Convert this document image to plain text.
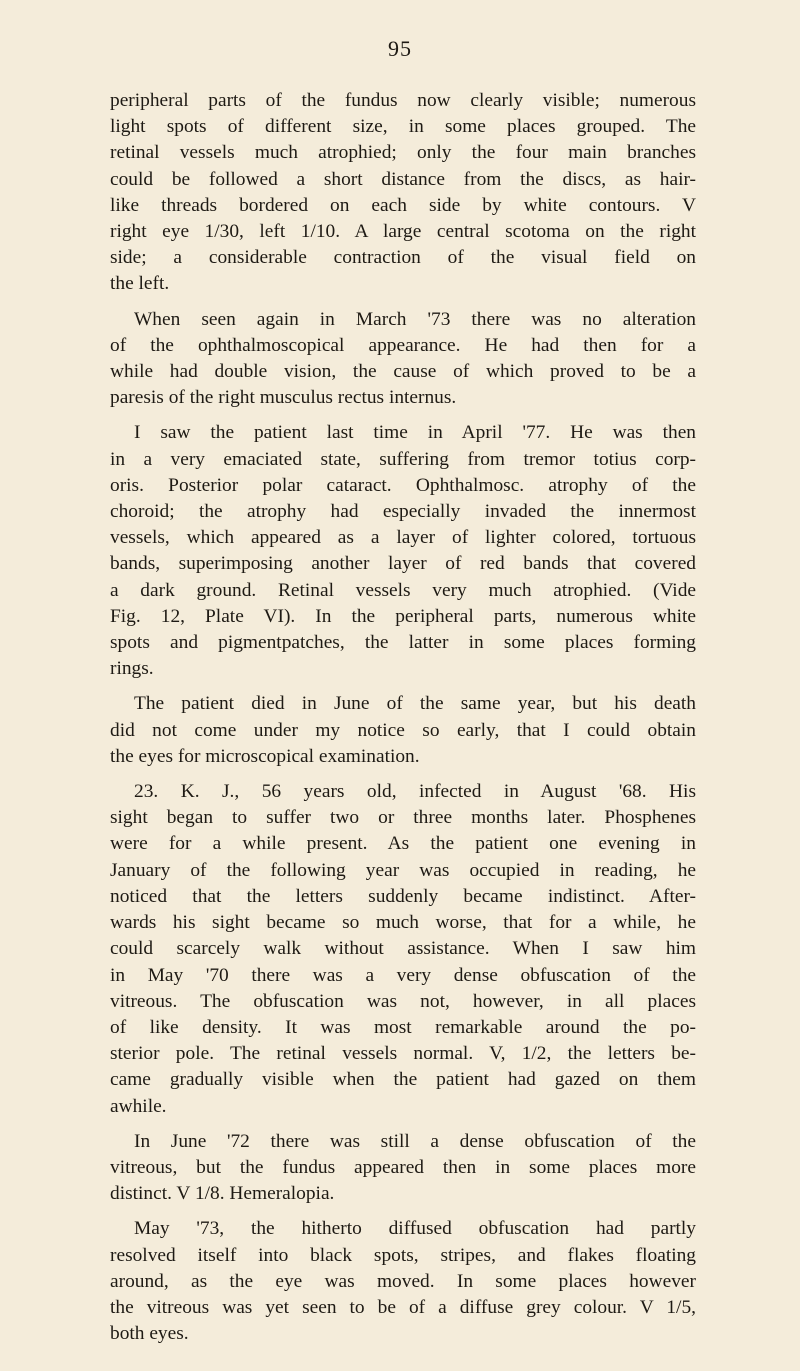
95
peripheral parts of the fundus now clearly visible; numerous
light spots of different size, in some places grouped. The
retinal vessels much atrophied; only the four main branches
could be followed a short distance from the discs, as hair-
like threads bordered on each side by white contours. V
right eye 1/30, left 1/10. A large central scotoma on the right
side; a considerable contraction of the visual field on
the left.
When seen again in March '73 there was no alteration
of the ophthalmoscopical appearance. He had then for a
while had double vision, the cause of which proved to be a
paresis of the right musculus rectus internus.
I saw the patient last time in April '77. He was then
in a very emaciated state, suffering from tremor totius corp-
oris. Posterior polar cataract. Ophthalmosc. atrophy of the
choroid; the atrophy had especially invaded the innermost
vessels, which appeared as a layer of lighter colored, tortuous
bands, superimposing another layer of red bands that covered
a dark ground. Retinal vessels very much atrophied. (Vide
Fig. 12, Plate VI). In the peripheral parts, numerous white
spots and pigmentpatches, the latter in some places forming
rings.
The patient died in June of the same year, but his death
did not come under my notice so early, that I could obtain
the eyes for microscopical examination.
23. K. J., 56 years old, infected in August '68. His
sight began to suffer two or three months later. Phosphenes
were for a while present. As the patient one evening in
January of the following year was occupied in reading, he
noticed that the letters suddenly became indistinct. After-
wards his sight became so much worse, that for a while, he
could scarcely walk without assistance. When I saw him
in May '70 there was a very dense obfuscation of the
vitreous. The obfuscation was not, however, in all places
of like density. It was most remarkable around the po-
sterior pole. The retinal vessels normal. V, 1/2, the letters be-
came gradually visible when the patient had gazed on them
awhile.
In June '72 there was still a dense obfuscation of the
vitreous, but the fundus appeared then in some places more
distinct. V 1/8. Hemeralopia.
May '73, the hitherto diffused obfuscation had partly
resolved itself into black spots, stripes, and flakes floating
around, as the eye was moved. In some places however
the vitreous was yet seen to be of a diffuse grey colour. V 1/5,
both eyes.
